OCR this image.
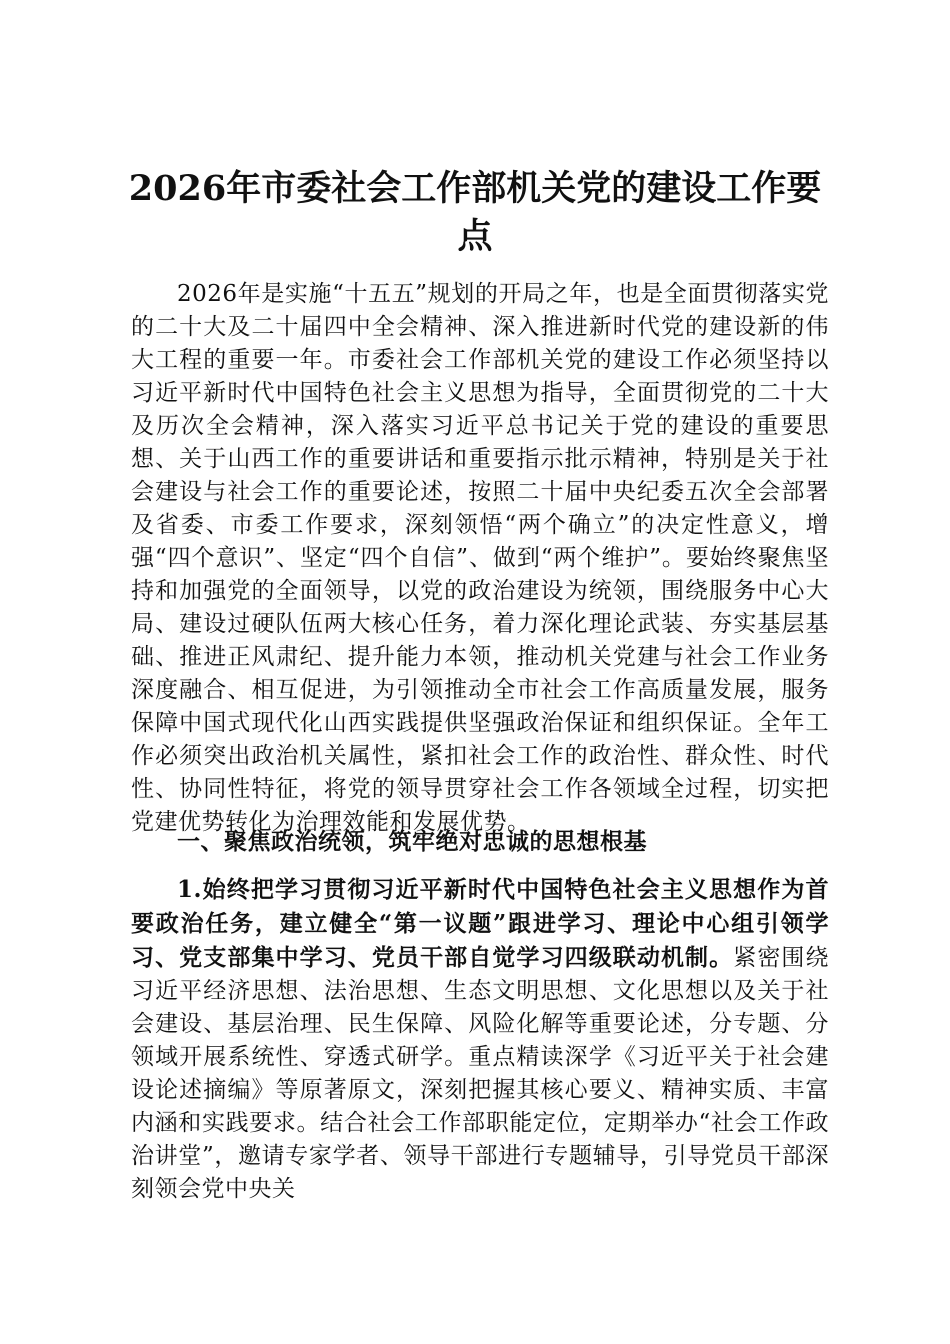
2026年市委社会工作部机关党的建设工作要点

2026年是实施“十五五”规划的开局之年，也是全面贯彻落实党的二十大及二十届四中全会精神、深入推进新时代党的建设新的伟大工程的重要一年。市委社会工作部机关党的建设工作必须坚持以习近平新时代中国特色社会主义思想为指导，全面贯彻党的二十大及历次全会精神，深入落实习近平总书记关于党的建设的重要思想、关于山西工作的重要讲话和重要指示批示精神，特别是关于社会建设与社会工作的重要论述，按照二十届中央纪委五次全会部署及省委、市委工作要求，深刻领悟“两个确立”的决定性意义，增强“四个意识”、坚定“四个自信”、做到“两个维护”。要始终聚焦坚持和加强党的全面领导，以党的政治建设为统领，围绕服务中心大局、建设过硬队伍两大核心任务，着力深化理论武装、夯实基层基础、推进正风肃纪、提升能力本领，推动机关党建与社会工作业务深度融合、相互促进，为引领推动全市社会工作高质量发展，服务保障中国式现代化山西实践提供坚强政治保证和组织保证。全年工作必须突出政治机关属性，紧扣社会工作的政治性、群众性、时代性、协同性特征，将党的领导贯穿社会工作各领域全过程，切实把党建优势转化为治理效能和发展优势。

一、聚焦政治统领，筑牢绝对忠诚的思想根基

1.始终把学习贯彻习近平新时代中国特色社会主义思想作为首要政治任务，建立健全“第一议题”跟进学习、理论中心组引领学习、党支部集中学习、党员干部自觉学习四级联动机制。紧密围绕习近平经济思想、法治思想、生态文明思想、文化思想以及关于社会建设、基层治理、民生保障、风险化解等重要论述，分专题、分领域开展系统性、穿透式研学。重点精读深学《习近平关于社会建设论述摘编》等原著原文，深刻把握其核心要义、精神实质、丰富内涵和实践要求。结合社会工作部职能定位，定期举办“社会工作政治讲堂”，邀请专家学者、领导干部进行专题辅导，引导党员干部深刻领会党中央关
